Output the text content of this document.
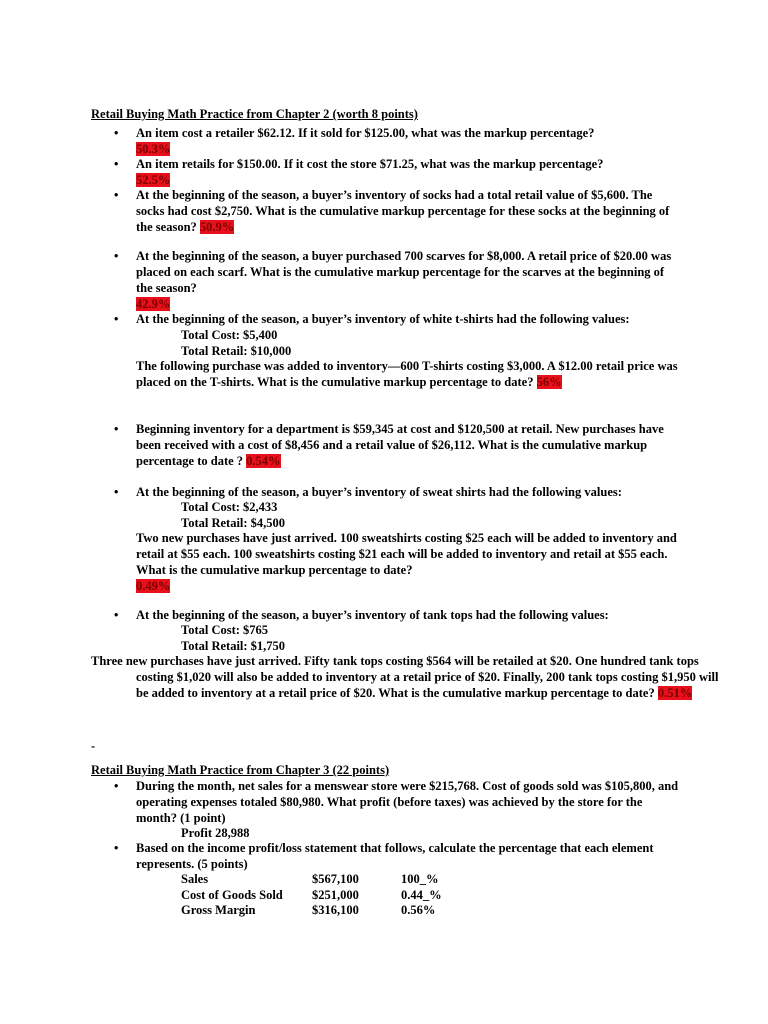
Retail Buying Math Practice from Chapter 2 (worth 8 points)
• An item cost a retailer $62.12. If it sold for $125.00, what was the markup percentage?
50.3%
• An item retails for $150.00. If it cost the store $71.25, what was the markup percentage?
52.5%
• At the beginning of the season, a buyer’s inventory of socks had a total retail value of $5,600. The socks had cost $2,750. What is the cumulative markup percentage for these socks at the beginning of the season? 50.9%
• At the beginning of the season, a buyer purchased 700 scarves for $8,000. A retail price of $20.00 was placed on each scarf. What is the cumulative markup percentage for the scarves at the beginning of the season?
42.9%
• At the beginning of the season, a buyer’s inventory of white t-shirts had the following values:
Total Cost: $5,400
Total Retail: $10,000
The following purchase was added to inventory—600 T-shirts costing $3,000. A $12.00 retail price was placed on the T-shirts. What is the cumulative markup percentage to date? 56%
• Beginning inventory for a department is $59,345 at cost and $120,500 at retail. New purchases have been received with a cost of $8,456 and a retail value of $26,112. What is the cumulative markup percentage to date ? 0.54%
• At the beginning of the season, a buyer’s inventory of sweat shirts had the following values:
Total Cost: $2,433
Total Retail: $4,500
Two new purchases have just arrived. 100 sweatshirts costing $25 each will be added to inventory and retail at $55 each. 100 sweatshirts costing $21 each will be added to inventory and retail at $55 each. What is the cumulative markup percentage to date?
0.49%
• At the beginning of the season, a buyer’s inventory of tank tops had the following values:
Total Cost: $765
Total Retail: $1,750
Three new purchases have just arrived. Fifty tank tops costing $564 will be retailed at $20. One hundred tank tops costing $1,020 will also be added to inventory at a retail price of $20. Finally, 200 tank tops costing $1,950 will be added to inventory at a retail price of $20. What is the cumulative markup percentage to date? 0.51%
-
Retail Buying Math Practice from Chapter 3 (22 points)
• During the month, net sales for a menswear store were $215,768. Cost of goods sold was $105,800, and operating expenses totaled $80,980. What profit (before taxes) was achieved by the store for the month? (1 point)
Profit 28,988
• Based on the income profit/loss statement that follows, calculate the percentage that each element represents. (5 points)
Sales	$567,100	100_%
Cost of Goods Sold $251,000	0.44_%
Gross Margin	$316,100	0.56%
